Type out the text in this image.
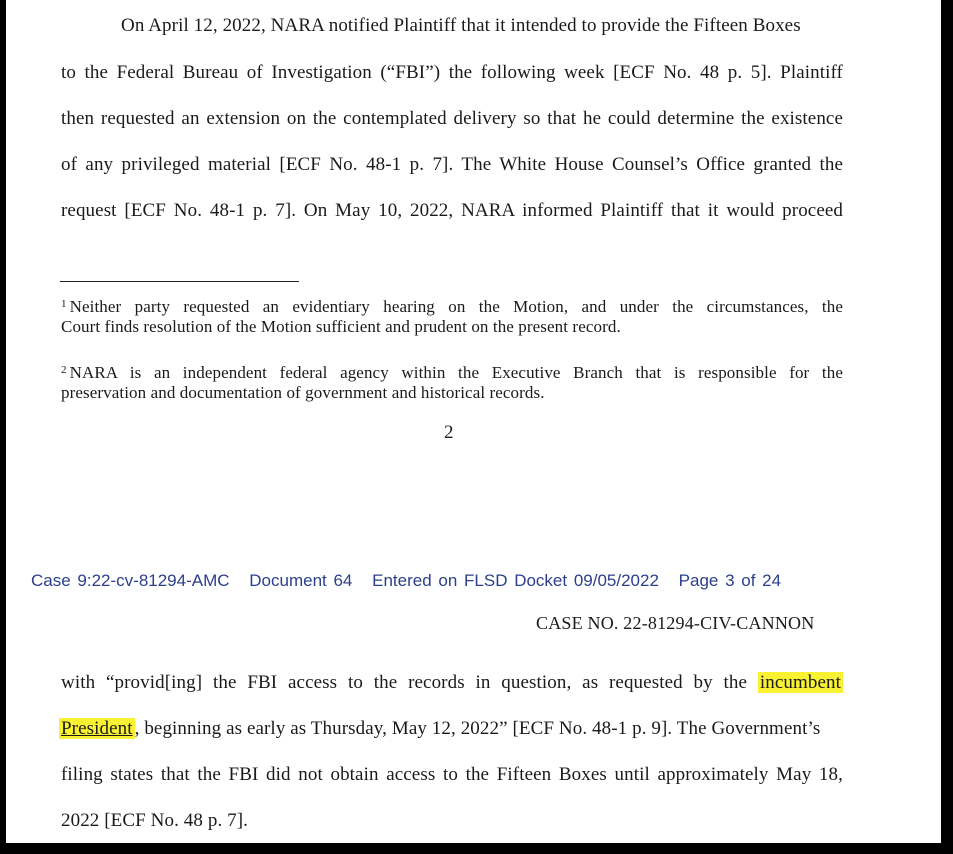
On April 12, 2022, NARA notified Plaintiff that it intended to provide the Fifteen Boxes
to the Federal Bureau of Investigation (“FBI”) the following week [ECF No. 48 p. 5]. Plaintiff
then requested an extension on the contemplated delivery so that he could determine the existence
of any privileged material [ECF No. 48-1 p. 7]. The White House Counsel’s Office granted the
request [ECF No. 48-1 p. 7]. On May 10, 2022, NARA informed Plaintiff that it would proceed
$^1$ Neither party requested an evidentiary hearing on the Motion, and under the circumstances, the
Court finds resolution of the Motion sufficient and prudent on the present record.
$^2$ NARA is an independent federal agency within the Executive Branch that is responsible for the
preservation and documentation of government and historical records.
2
Case 9:22-cv-81294-AMC Document 64 Entered on FLSD Docket 09/05/2022 Page 3 of 24
CASE NO. 22-81294-CIV-CANNON
with “provid[ing] the FBI access to the records in question, as requested by the incumbent
President , beginning as early as Thursday, May 12, 2022” [ECF No. 48-1 p. 9]. The Government’s
filing states that the FBI did not obtain access to the Fifteen Boxes until approximately May 18,
2022 [ECF No. 48 p. 7].
